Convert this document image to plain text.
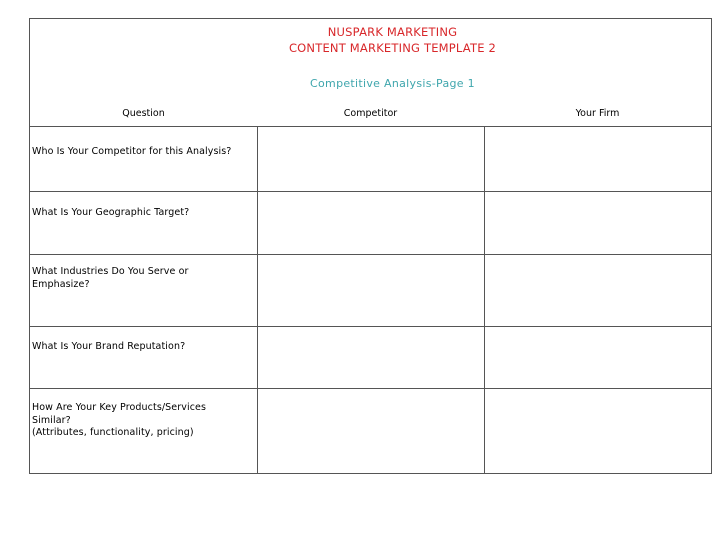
NUSPARK MARKETING
CONTENT MARKETING TEMPLATE 2
Competitive Analysis-Page 1
Question	Competitor	Your Firm
Who Is Your Competitor for this Analysis?
What Is Your Geographic Target?
What Industries Do You Serve or
Emphasize?
What Is Your Brand Reputation?
How Are Your Key Products/Services
Similar?
(Attributes, functionality, pricing)
